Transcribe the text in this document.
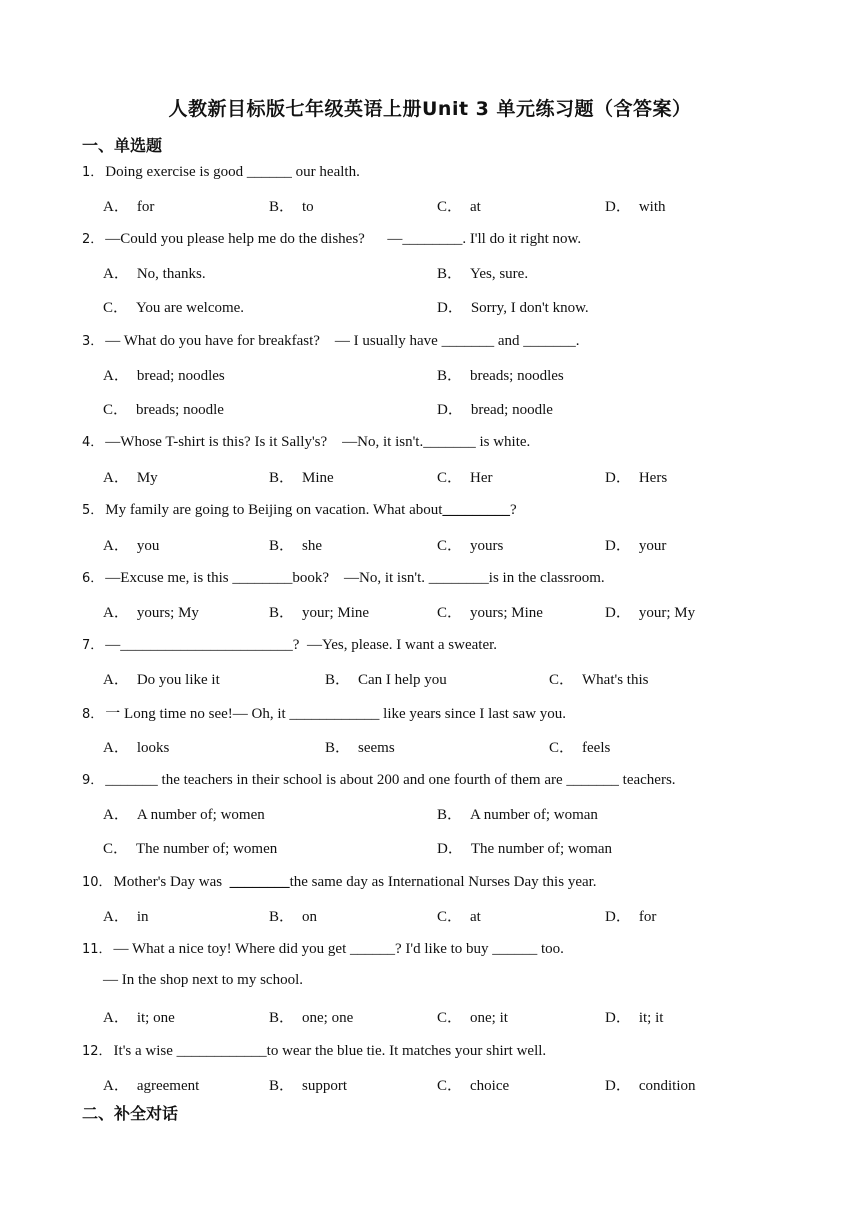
人教新目标版七年级英语上册Unit 3 单元练习题（含答案）
一、单选题
1． Doing exercise is good ______ our health.
A． for	B． to	C． at	D． with
2． —Could you please help me do the dishes?      —________. I'll do it right now.
A． No, thanks.	B． Yes, sure.
C． You are welcome.	D． Sorry, I don't know.
3． — What do you have for breakfast?    — I usually have _______ and _______.
A． bread; noodles	B． breads; noodles
C． breads; noodle	D． bread; noodle
4． —Whose T-shirt is this? Is it Sally's?    —No, it isn't._______ is white.
A． My	B． Mine	C． Her	D． Hers
5． My family are going to Beijing on vacation. What about_________?
A． you	B． she	C． yours	D． your
6． —Excuse me, is this ________book?    —No, it isn't. ________is in the classroom.
A． yours; My	B． your; Mine	C． yours; Mine	D． your; My
7． —_______________________?  —Yes, please. I want a sweater.
A． Do you like it	B． Can I help you	C． What's this
8． 一 Long time no see!— Oh, it ____________ like years since I last saw you.
A． looks	B． seems	C． feels
9． _______ the teachers in their school is about 200 and one fourth of them are _______ teachers.
A． A number of; women	B． A number of; woman
C． The number of; women	D． The number of; woman
10． Mother's Day was  ________the same day as International Nurses Day this year.
A． in	B． on	C． at	D． for
11． — What a nice toy! Where did you get ______? I'd like to buy ______ too.
— In the shop next to my school.
A． it; one	B． one; one	C． one; it	D． it; it
12． It's a wise ____________to wear the blue tie. It matches your shirt well.
A． agreement	B． support	C． choice	D． condition
二、补全对话
